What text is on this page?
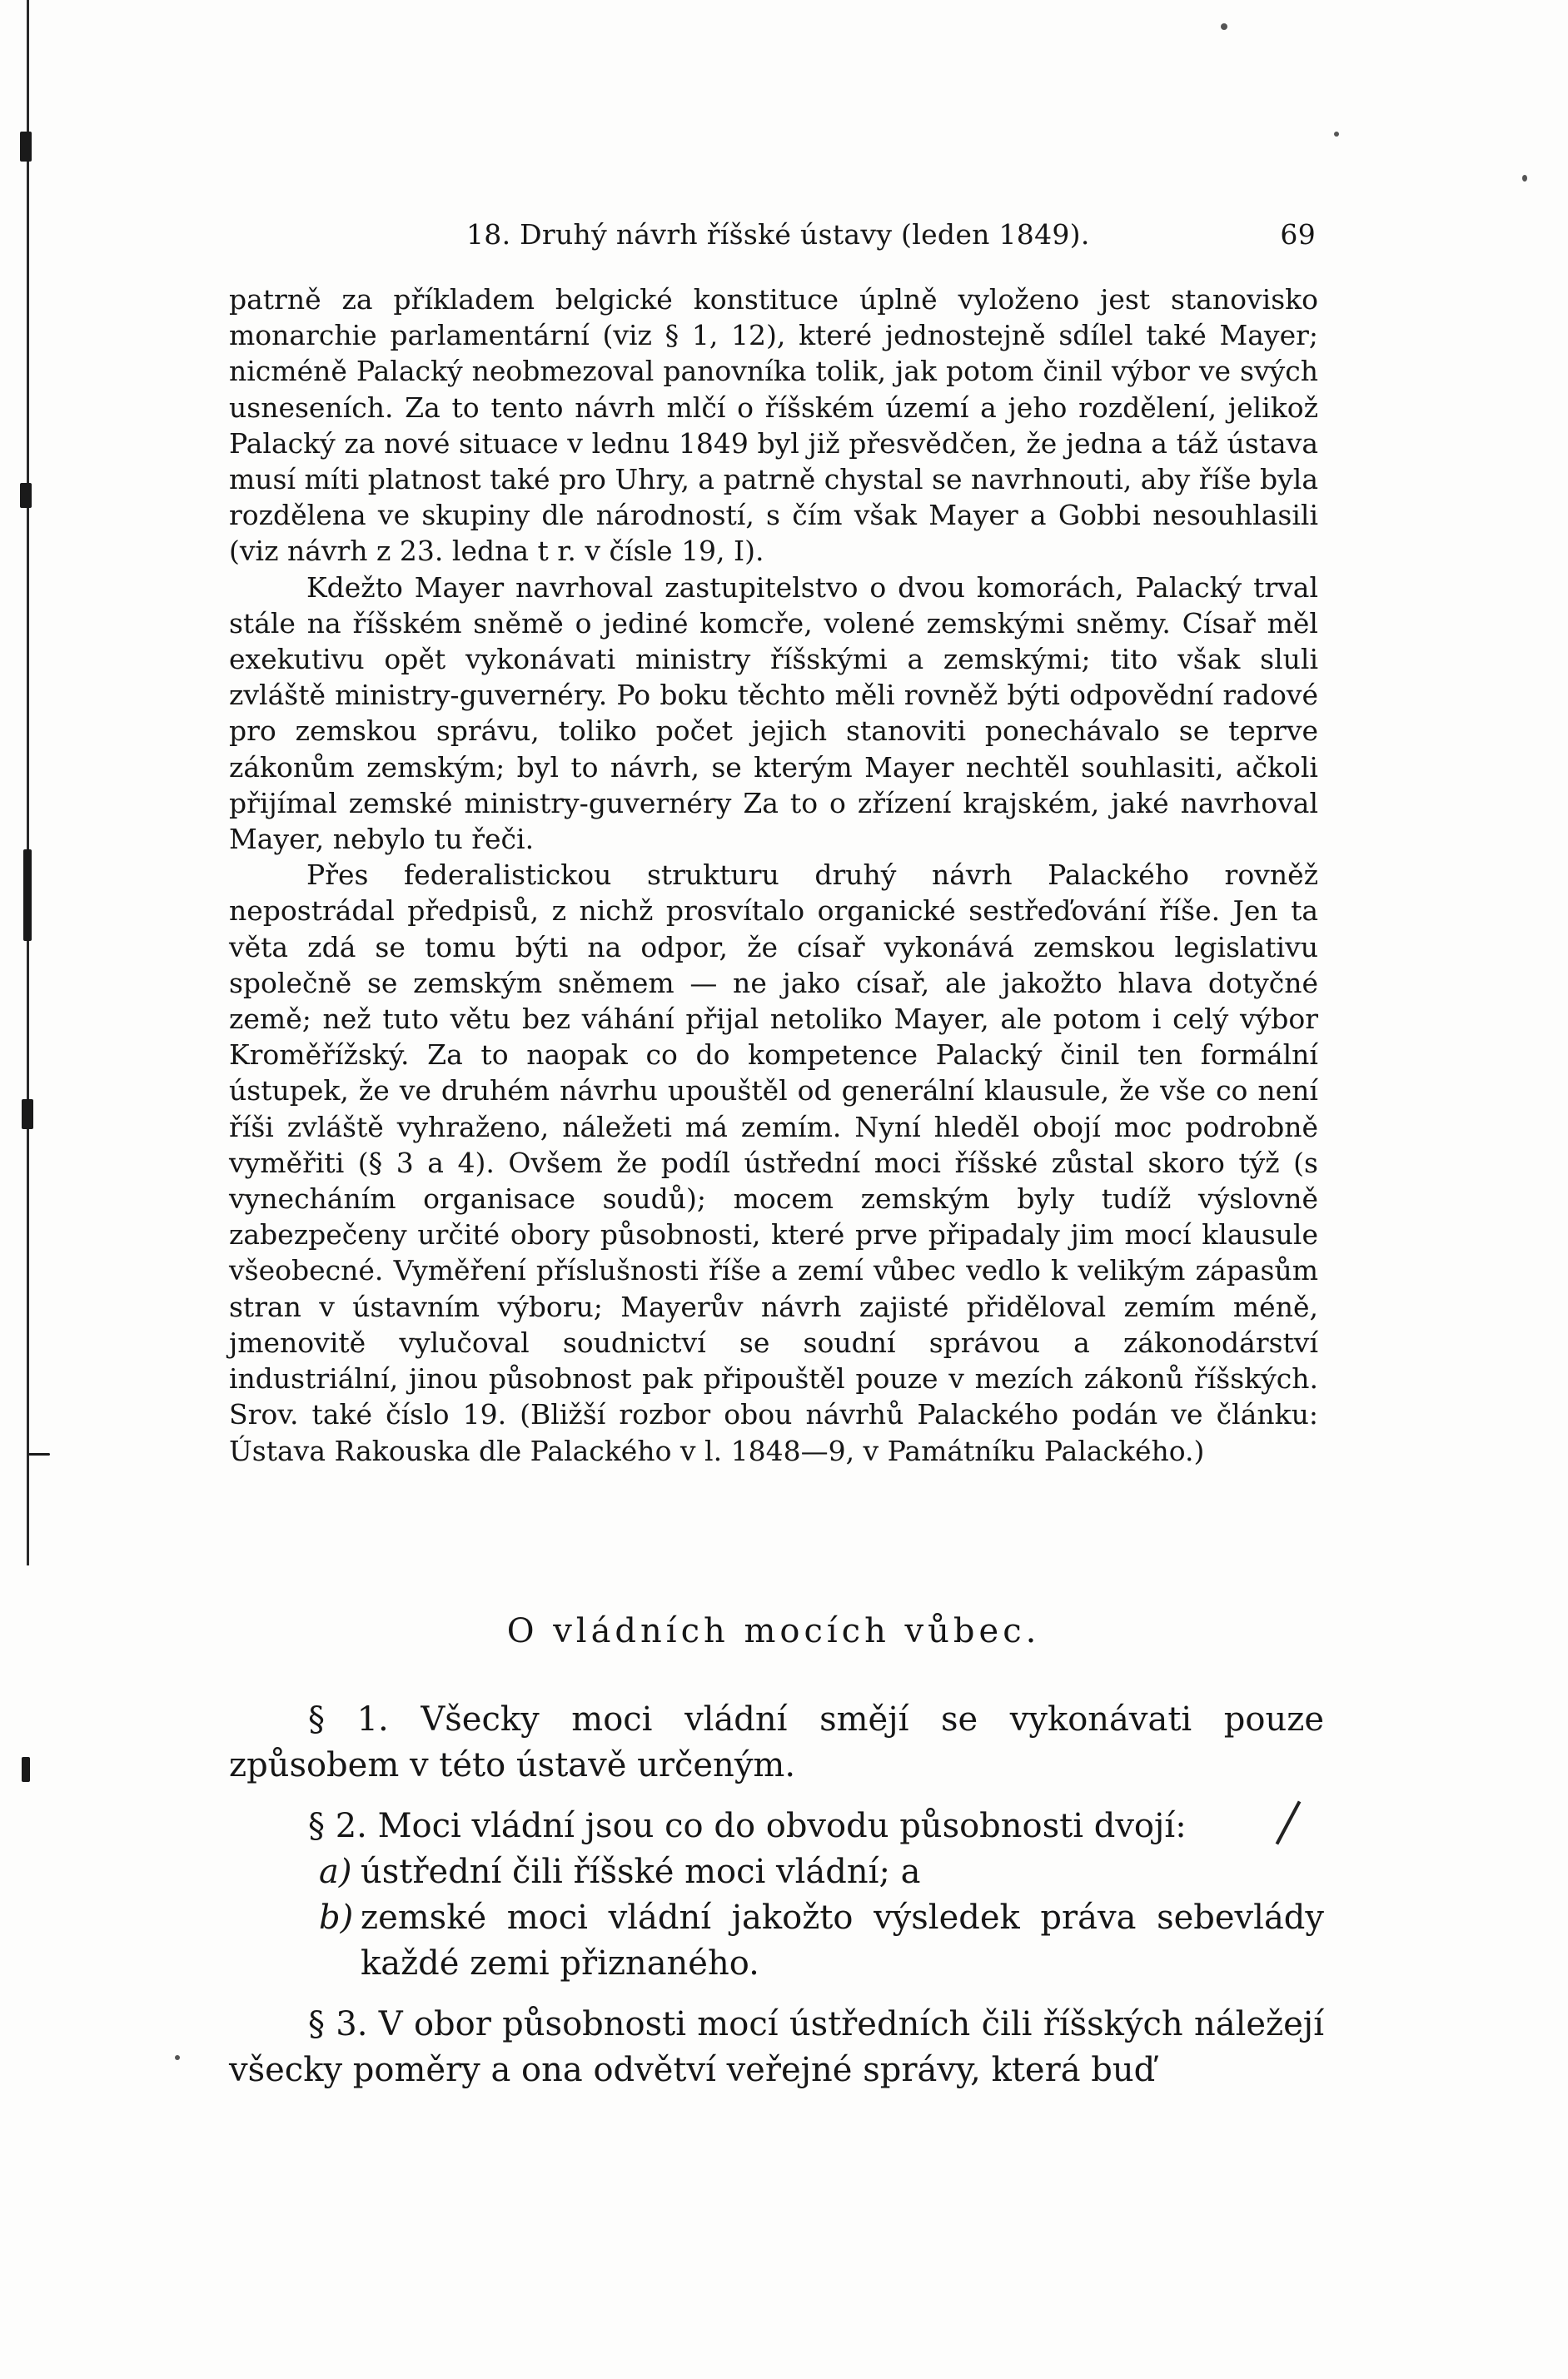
18. Druhý návrh říšské ústavy (leden 1849).	69

patrně za příkladem belgické konstituce úplně vyloženo jest stanovisko monarchie parlamentární (viz § 1, 12), které jednostejně sdílel také Mayer; nicméně Palacký neobmezoval panovníka tolik, jak potom činil výbor ve svých usneseních. Za to tento návrh mlčí o říšském území a jeho rozdělení, jelikož Palacký za nové situace v lednu 1849 byl již přesvědčen, že jedna a táž ústava musí míti platnost také pro Uhry, a patrně chystal se navrhnouti, aby říše byla rozdělena ve skupiny dle národností, s čím však Mayer a Gobbi nesouhlasili (viz návrh z 23. ledna t r. v čísle 19, I).

Kdežto Mayer navrhoval zastupitelstvo o dvou komorách, Palacký trval stále na říšském sněmě o jediné komcře, volené zemskými sněmy. Císař měl exekutivu opět vykonávati ministry říšskými a zemskými; tito však sluli zvláště ministry-guvernéry. Po boku těchto měli rovněž býti odpovědní radové pro zemskou správu, toliko počet jejich stanoviti ponechávalo se teprve zákonům zemským; byl to návrh, se kterým Mayer nechtěl souhlasiti, ačkoli přijímal zemské ministry-guvernéry Za to o zřízení krajském, jaké navrhoval Mayer, nebylo tu řeči.

Přes federalistickou strukturu druhý návrh Palackého rovněž nepostrádal předpisů, z nichž prosvítalo organické sestřeďování říše. Jen ta věta zdá se tomu býti na odpor, že císař vykonává zemskou legislativu společně se zemským sněmem — ne jako císař, ale jakožto hlava dotyčné země; než tuto větu bez váhání přijal netoliko Mayer, ale potom i celý výbor Kroměřížský. Za to naopak co do kompetence Palacký činil ten formální ústupek, že ve druhém návrhu upouštěl od generální klausule, že vše co není říši zvláště vyhraženo, náležeti má zemím. Nyní hleděl obojí moc podrobně vyměřiti (§ 3 a 4). Ovšem že podíl ústřední moci říšské zůstal skoro týž (s vynecháním organisace soudů); mocem zemským byly tudíž výslovně zabezpečeny určité obory působnosti, které prve připadaly jim mocí klausule všeobecné. Vyměření příslušnosti říše a zemí vůbec vedlo k velikým zápasům stran v ústavním výboru; Mayerův návrh zajisté přiděloval zemím méně, jmenovitě vylučoval soudnictví se soudní správou a zákonodárství industriální, jinou působnost pak připouštěl pouze v mezích zákonů říšských. Srov. také číslo 19. (Bližší rozbor obou návrhů Palackého podán ve článku: Ústava Rakouska dle Palackého v l. 1848—9, v Památníku Palackého.)

O vládních mocích vůbec.

§ 1. Všecky moci vládní smějí se vykonávati pouze způsobem v této ústavě určeným.

§ 2. Moci vládní jsou co do obvodu působnosti dvojí:

a) ústřední čili říšské moci vládní; a

b) zemské moci vládní jakožto výsledek práva sebevlády každé zemi přiznaného.

§ 3. V obor působnosti mocí ústředních čili říšských náležejí všecky poměry a ona odvětví veřejné správy, která buď
